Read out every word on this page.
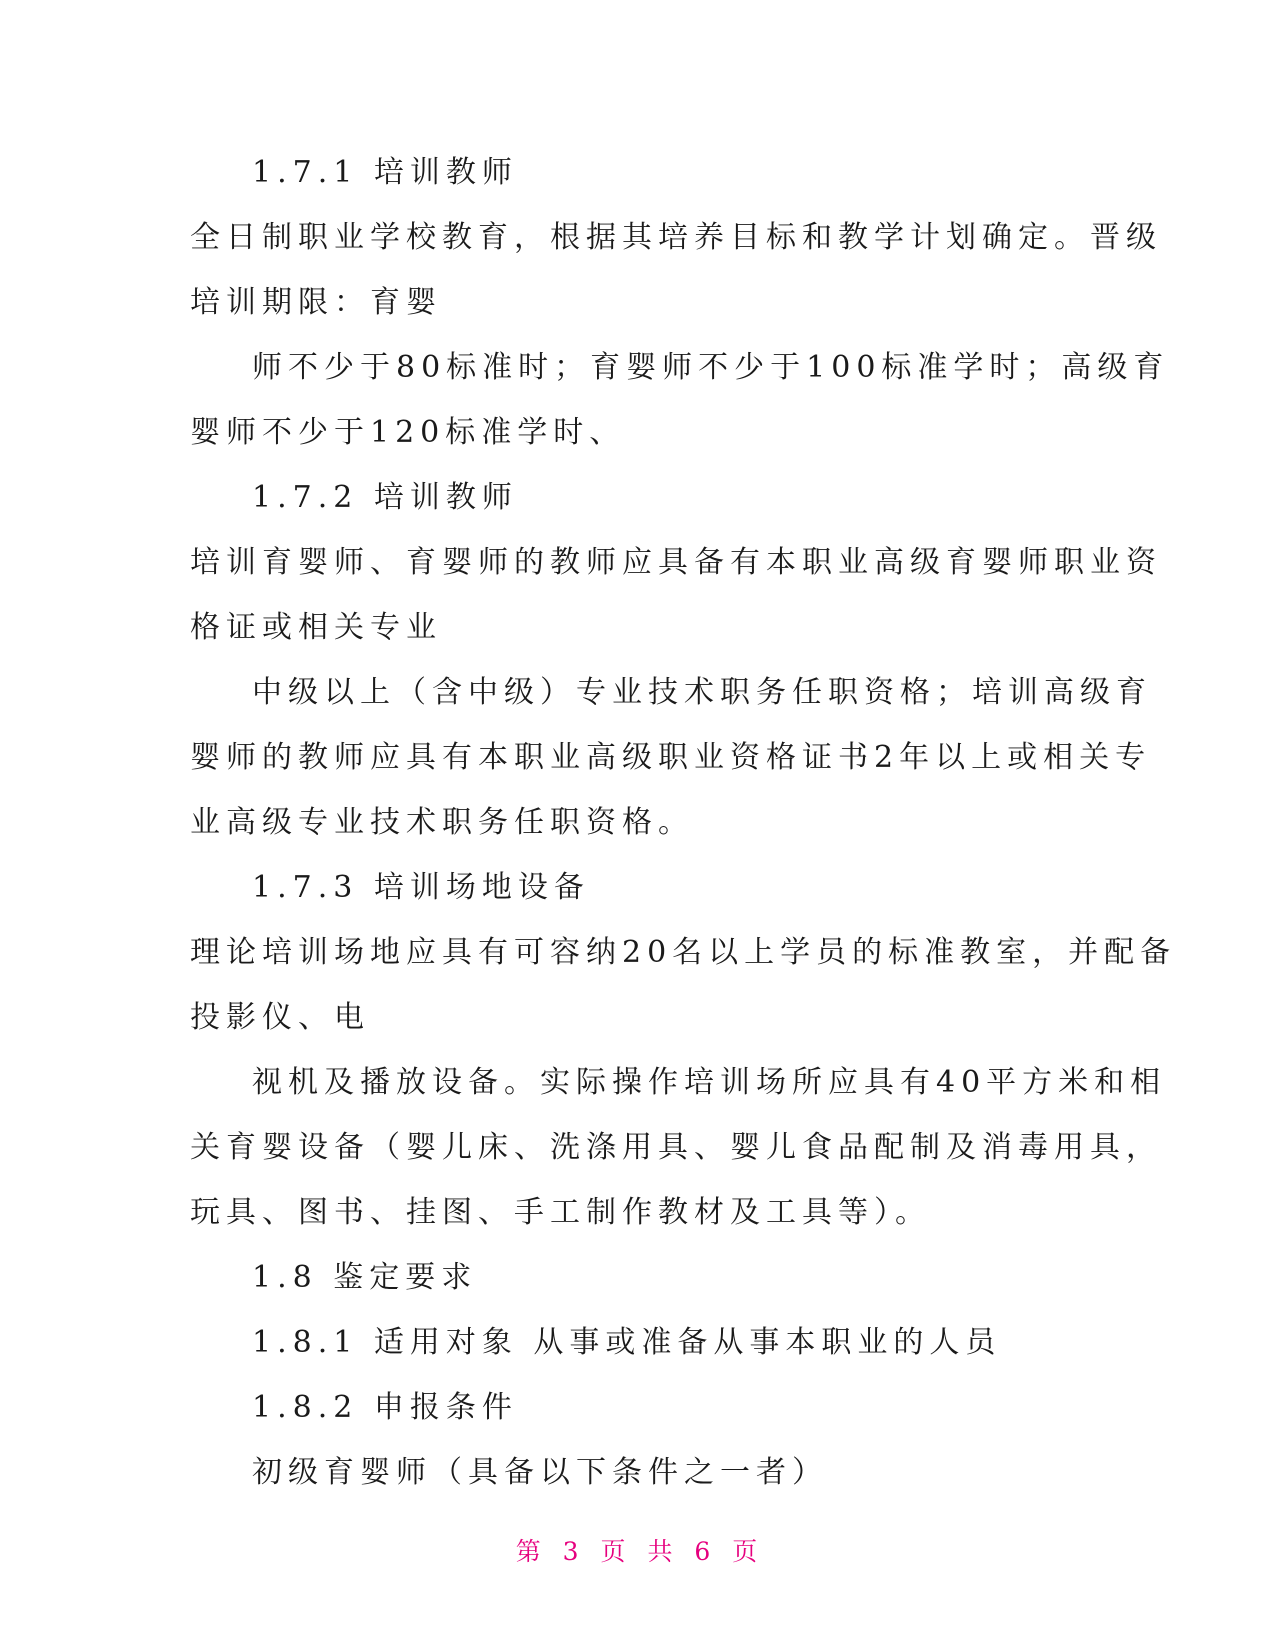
1.7.1 培训教师
全日制职业学校教育，根据其培养目标和教学计划确定。晋级
培训期限：育婴
师不少于80标准时；育婴师不少于100标准学时；高级育
婴师不少于120标准学时、
1.7.2 培训教师
培训育婴师、育婴师的教师应具备有本职业高级育婴师职业资
格证或相关专业
中级以上（含中级）专业技术职务任职资格；培训高级育
婴师的教师应具有本职业高级职业资格证书2年以上或相关专
业高级专业技术职务任职资格。
1.7.3 培训场地设备
理论培训场地应具有可容纳20名以上学员的标准教室，并配备
投影仪、电
视机及播放设备。实际操作培训场所应具有40平方米和相
关育婴设备（婴儿床、洗涤用具、婴儿食品配制及消毒用具，
玩具、图书、挂图、手工制作教材及工具等）。
1.8 鉴定要求
1.8.1 适用对象 从事或准备从事本职业的人员
1.8.2 申报条件
初级育婴师（具备以下条件之一者）
第 3 页 共 6 页
